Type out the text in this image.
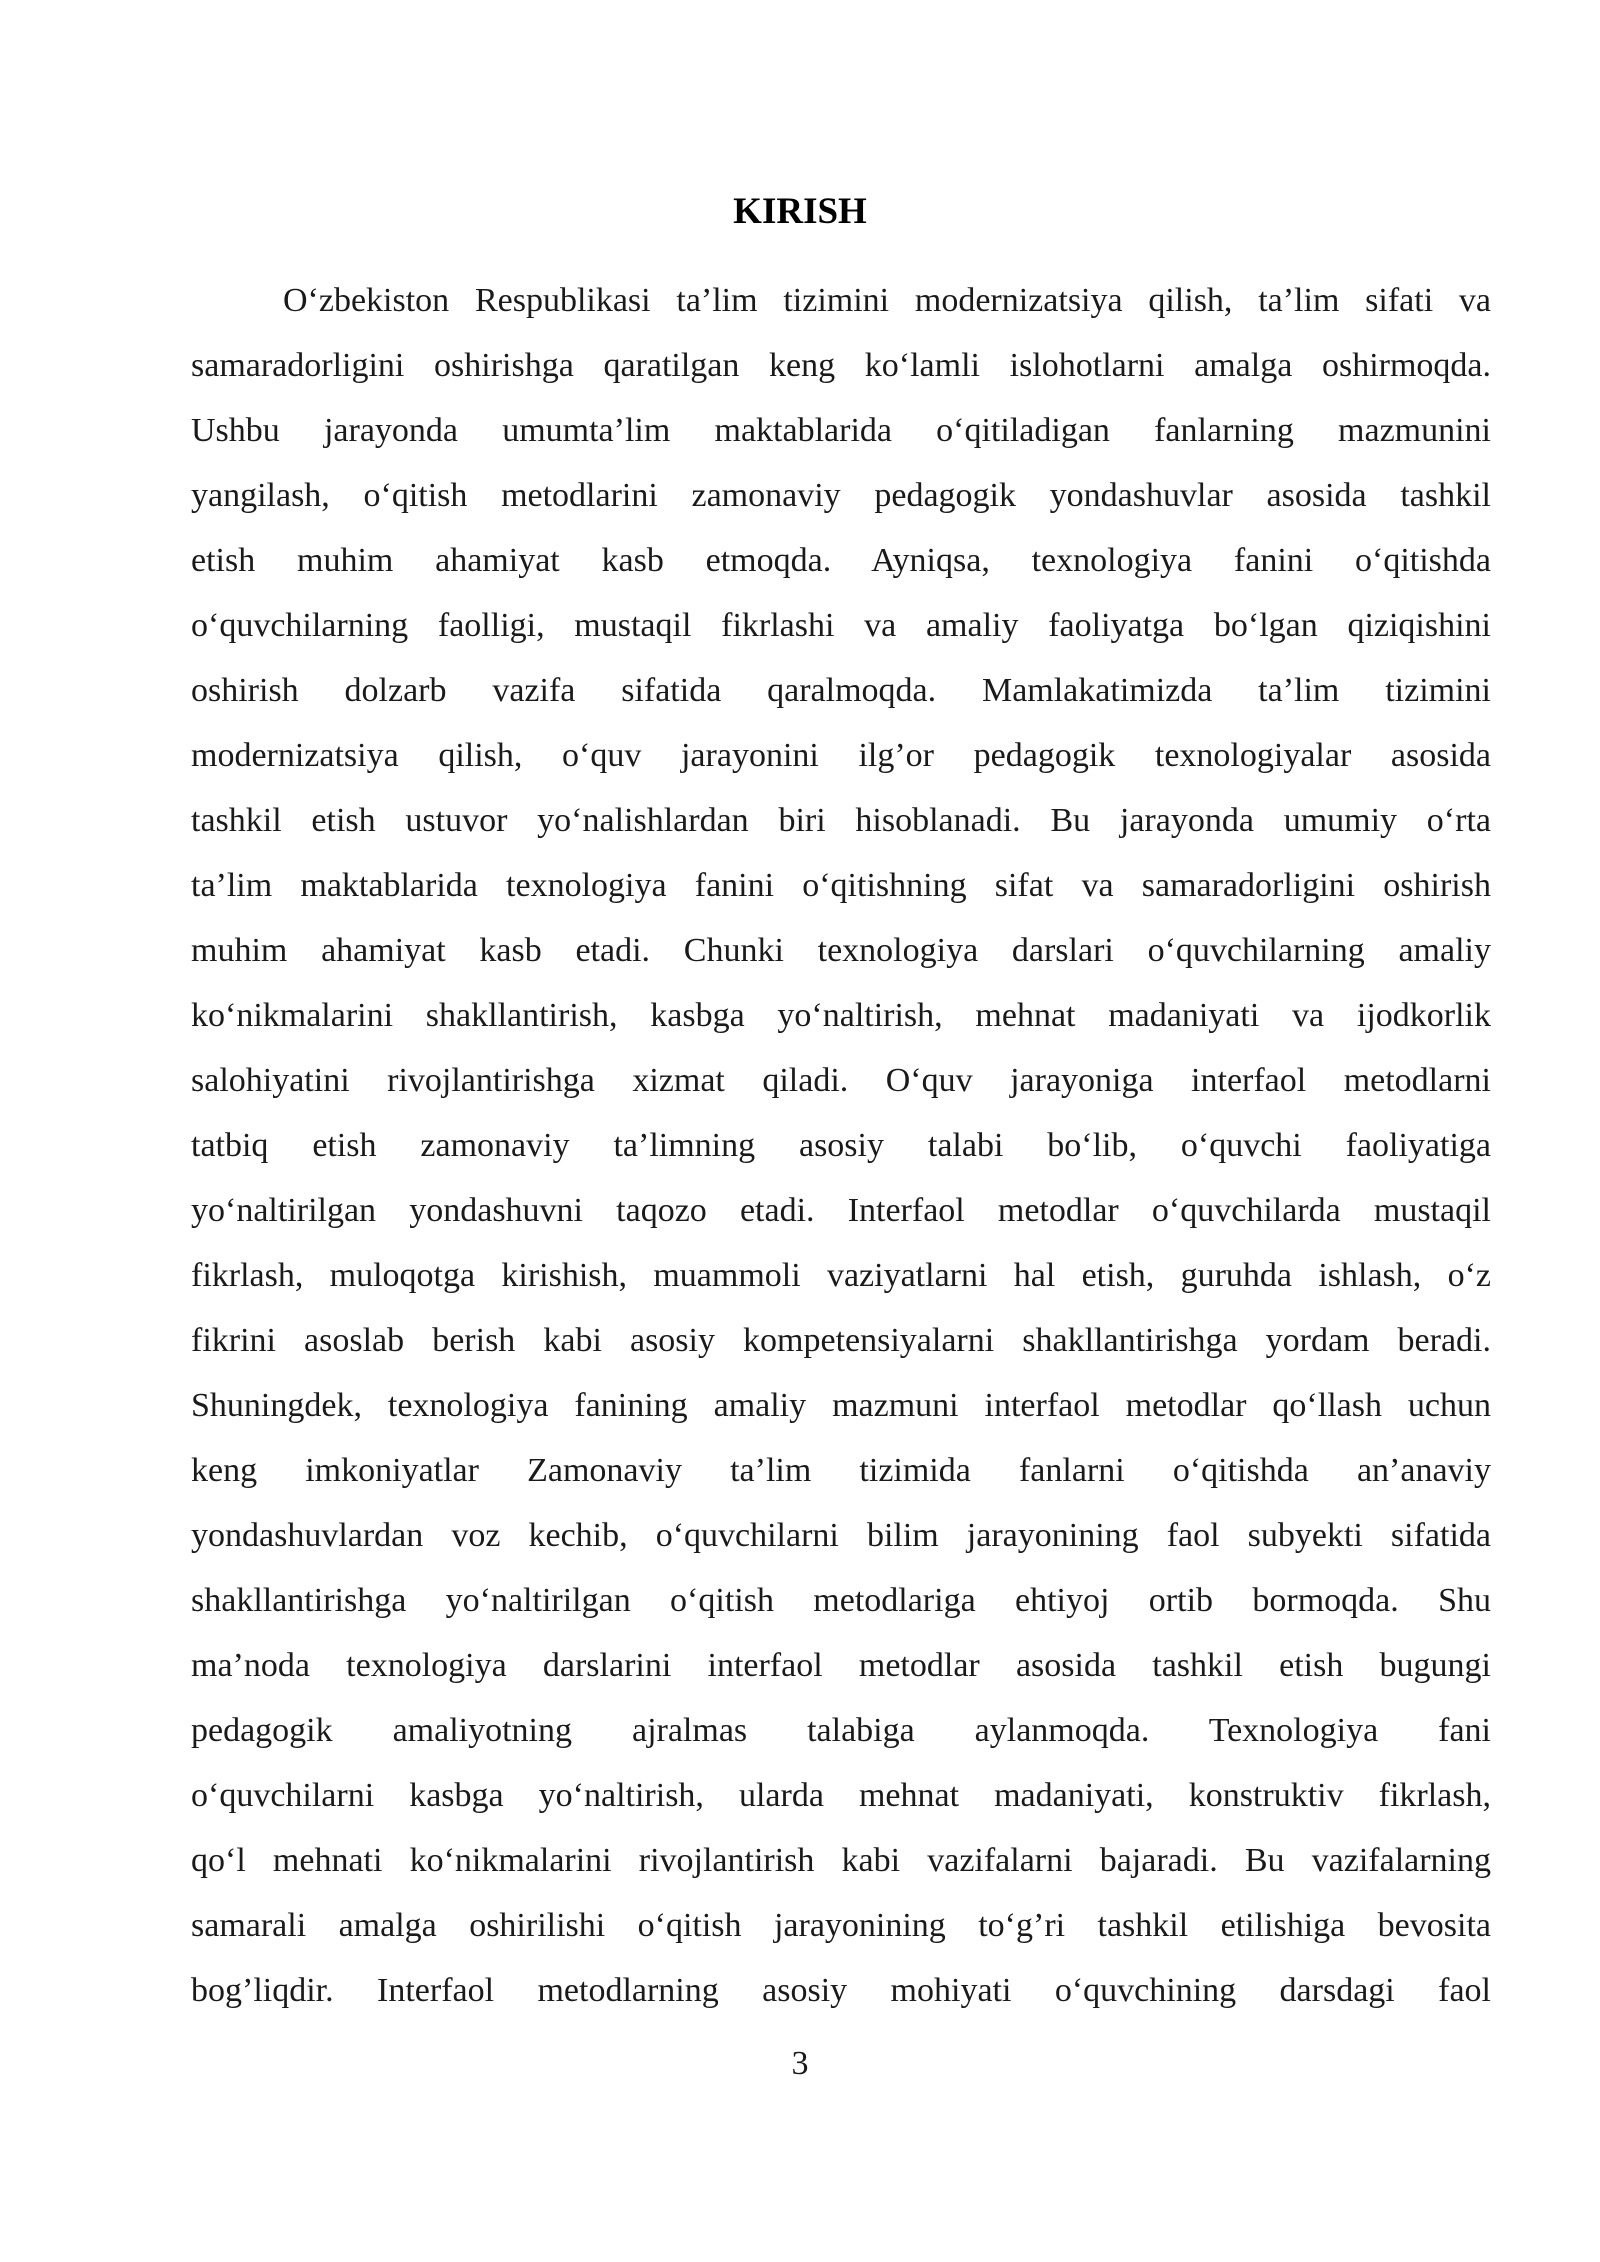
KIRISH
O‘zbekiston Respublikasi ta’lim tizimini modernizatsiya qilish, ta’lim sifati va
samaradorligini oshirishga qaratilgan keng ko‘lamli islohotlarni amalga oshirmoqda.
Ushbu jarayonda umumta’lim maktablarida o‘qitiladigan fanlarning mazmunini
yangilash, o‘qitish metodlarini zamonaviy pedagogik yondashuvlar asosida tashkil
etish muhim ahamiyat kasb etmoqda. Ayniqsa, texnologiya fanini o‘qitishda
o‘quvchilarning faolligi, mustaqil fikrlashi va amaliy faoliyatga bo‘lgan qiziqishini
oshirish dolzarb vazifa sifatida qaralmoqda. Mamlakatimizda ta’lim tizimini
modernizatsiya qilish, o‘quv jarayonini ilg’or pedagogik texnologiyalar asosida
tashkil etish ustuvor yo‘nalishlardan biri hisoblanadi. Bu jarayonda umumiy o‘rta
ta’lim maktablarida texnologiya fanini o‘qitishning sifat va samaradorligini oshirish
muhim ahamiyat kasb etadi. Chunki texnologiya darslari o‘quvchilarning amaliy
ko‘nikmalarini shakllantirish, kasbga yo‘naltirish, mehnat madaniyati va ijodkorlik
salohiyatini rivojlantirishga xizmat qiladi. O‘quv jarayoniga interfaol metodlarni
tatbiq etish zamonaviy ta’limning asosiy talabi bo‘lib, o‘quvchi faoliyatiga
yo‘naltirilgan yondashuvni taqozo etadi. Interfaol metodlar o‘quvchilarda mustaqil
fikrlash, muloqotga kirishish, muammoli vaziyatlarni hal etish, guruhda ishlash, o‘z
fikrini asoslab berish kabi asosiy kompetensiyalarni shakllantirishga yordam beradi.
Shuningdek, texnologiya fanining amaliy mazmuni interfaol metodlar qo‘llash uchun
keng imkoniyatlar Zamonaviy ta’lim tizimida fanlarni o‘qitishda an’anaviy
yondashuvlardan voz kechib, o‘quvchilarni bilim jarayonining faol subyekti sifatida
shakllantirishga yo‘naltirilgan o‘qitish metodlariga ehtiyoj ortib bormoqda. Shu
ma’noda texnologiya darslarini interfaol metodlar asosida tashkil etish bugungi
pedagogik amaliyotning ajralmas talabiga aylanmoqda. Texnologiya fani
o‘quvchilarni kasbga yo‘naltirish, ularda mehnat madaniyati, konstruktiv fikrlash,
qo‘l mehnati ko‘nikmalarini rivojlantirish kabi vazifalarni bajaradi. Bu vazifalarning
samarali amalga oshirilishi o‘qitish jarayonining to‘g’ri tashkil etilishiga bevosita
bog’liqdir. Interfaol metodlarning asosiy mohiyati o‘quvchining darsdagi faol
3
